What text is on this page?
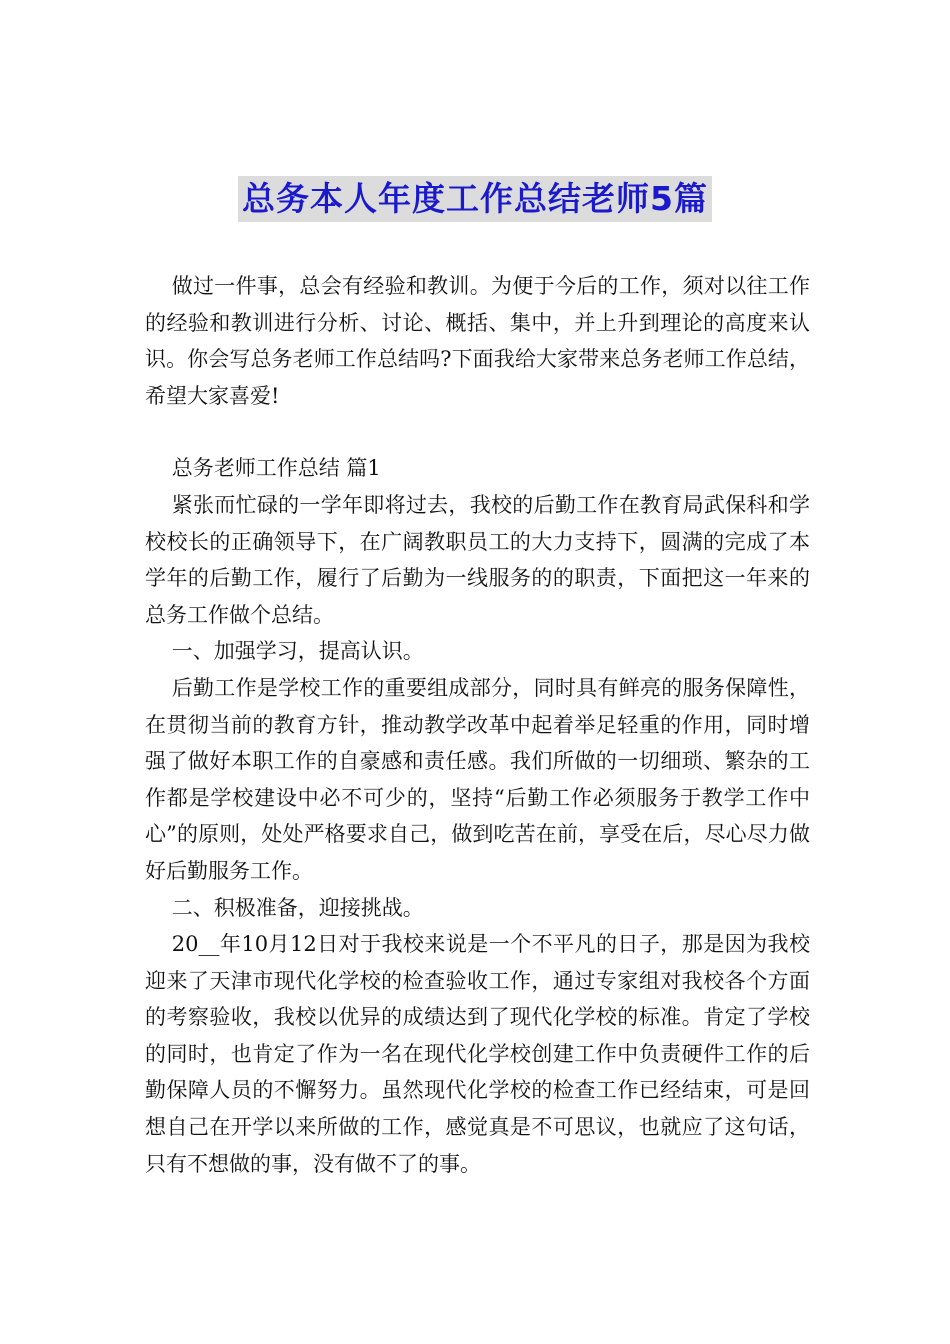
总务本人年度工作总结老师5篇

做过一件事，总会有经验和教训。为便于今后的工作，须对以往工作的经验和教训进行分析、讨论、概括、集中，并上升到理论的高度来认识。你会写总务老师工作总结吗?下面我给大家带来总务老师工作总结，希望大家喜爱!

总务老师工作总结 篇1

紧张而忙碌的一学年即将过去，我校的后勤工作在教育局武保科和学校校长的正确领导下，在广阔教职员工的大力支持下，圆满的完成了本学年的后勤工作，履行了后勤为一线服务的的职责，下面把这一年来的总务工作做个总结。

一、加强学习，提高认识。

后勤工作是学校工作的重要组成部分，同时具有鲜亮的服务保障性，在贯彻当前的教育方针，推动教学改革中起着举足轻重的作用，同时增强了做好本职工作的自豪感和责任感。我们所做的一切细琐、繁杂的工作都是学校建设中必不可少的，坚持“后勤工作必须服务于教学工作中心”的原则，处处严格要求自己，做到吃苦在前，享受在后，尽心尽力做好后勤服务工作。

二、积极准备，迎接挑战。

20__年10月12日对于我校来说是一个不平凡的日子，那是因为我校迎来了天津市现代化学校的检查验收工作，通过专家组对我校各个方面的考察验收，我校以优异的成绩达到了现代化学校的标准。肯定了学校的同时，也肯定了作为一名在现代化学校创建工作中负责硬件工作的后勤保障人员的不懈努力。虽然现代化学校的检查工作已经结束，可是回想自己在开学以来所做的工作，感觉真是不可思议，也就应了这句话，只有不想做的事，没有做不了的事。
